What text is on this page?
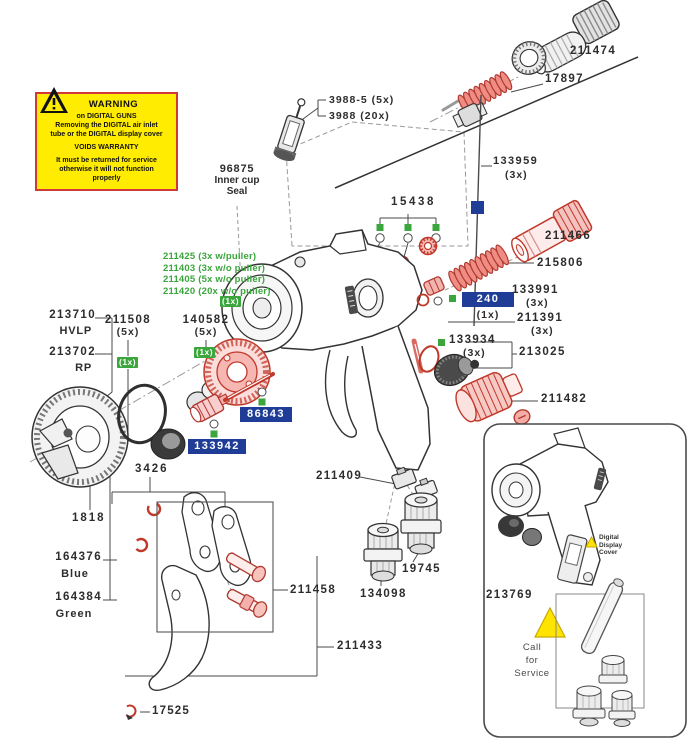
WARNING
on DIGITAL GUNS
Removing the DIGITAL air inlet
tube or the DIGITAL display cover
VOIDS WARRANTY
It must be returned for service
otherwise it will not function
properly
211474
17897
3988-5 (5x)
3988 (20x)
96875
Inner cup
Seal
15438
133959
(3x)
211466
215806
211425 (3x w/puller)
211403 (3x w/o puller)
211405 (5x w/o puller)
211420 (20x w/o puller)
(1x)
(1x)
(1x)
213710
HVLP
213702
RP
211508
(5x)
140582
(5x)
240
(1x)
133991
(3x)
211391
(3x)
133934
(3x)	213025
211482
86843
133942
3426
1818
164376
Blue
164384
Green
211458
211433
17525
211409
134098
19745
213769
Digital
Display
Cover
Call
for
Service
